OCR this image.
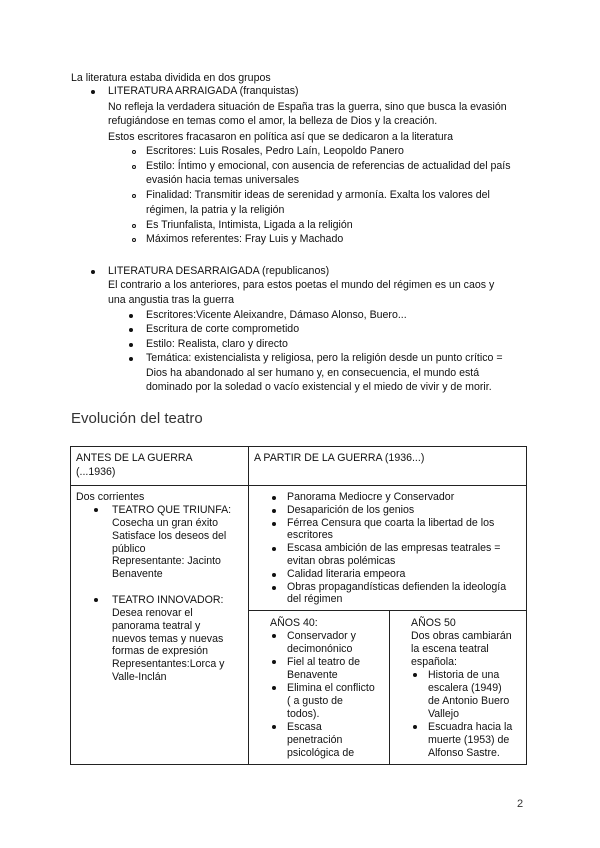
La literatura estaba dividida en dos grupos
LITERATURA ARRAIGADA (franquistas)
No refleja la verdadera situación de España tras la guerra, sino que busca la evasión
refugiándose en temas como el amor, la belleza de Dios y la creación.
Estos escritores fracasaron en política así que se dedicaron a la literatura
Escritores: Luis Rosales, Pedro Laín, Leopoldo Panero
Estilo: Íntimo y emocional, con ausencia de referencias de actualidad del país
evasión hacia temas universales
Finalidad: Transmitir ideas de serenidad y armonía. Exalta los valores del
régimen, la patria y la religión
Es Triunfalista, Intimista, Ligada a la religión
Máximos referentes: Fray Luis y Machado
LITERATURA DESARRAIGADA (republicanos)
El contrario a los anteriores, para estos poetas el mundo del régimen es un caos y
una angustia tras la guerra
Escritores:Vicente Aleixandre, Dámaso Alonso, Buero...
Escritura de corte comprometido
Estilo: Realista, claro y directo
Temática: existencialista y religiosa, pero la religión desde un punto crítico =
Dios ha abandonado al ser humano y, en consecuencia, el mundo está
dominado por la soledad o vacío existencial y el miedo de vivir y de morir.
Evolución del teatro
ANTES DE LA GUERRA
(...1936)
A PARTIR DE LA GUERRA (1936...)
Dos corrientes
TEATRO QUE TRIUNFA:
Cosecha un gran éxito
Satisface los deseos del
público
Representante: Jacinto
Benavente
TEATRO INNOVADOR:
Desea renovar el
panorama teatral y
nuevos temas y nuevas
formas de expresión
Representantes:Lorca y
Valle-Inclán
Panorama Mediocre y Conservador
Desaparición de los genios
Férrea Censura que coarta la libertad de los
escritores
Escasa ambición de las empresas teatrales =
evitan obras polémicas
Calidad literaria empeora
Obras propagandísticas defienden la ideología
del régimen
AÑOS 40:
Conservador y
decimonónico
Fiel al teatro de
Benavente
Elimina el conflicto
( a gusto de
todos).
Escasa
penetración
psicológica de
AÑOS 50
Dos obras cambiarán
la escena teatral
española:
Historia de una
escalera (1949)
de Antonio Buero
Vallejo
Escuadra hacia la
muerte (1953) de
Alfonso Sastre.
2
